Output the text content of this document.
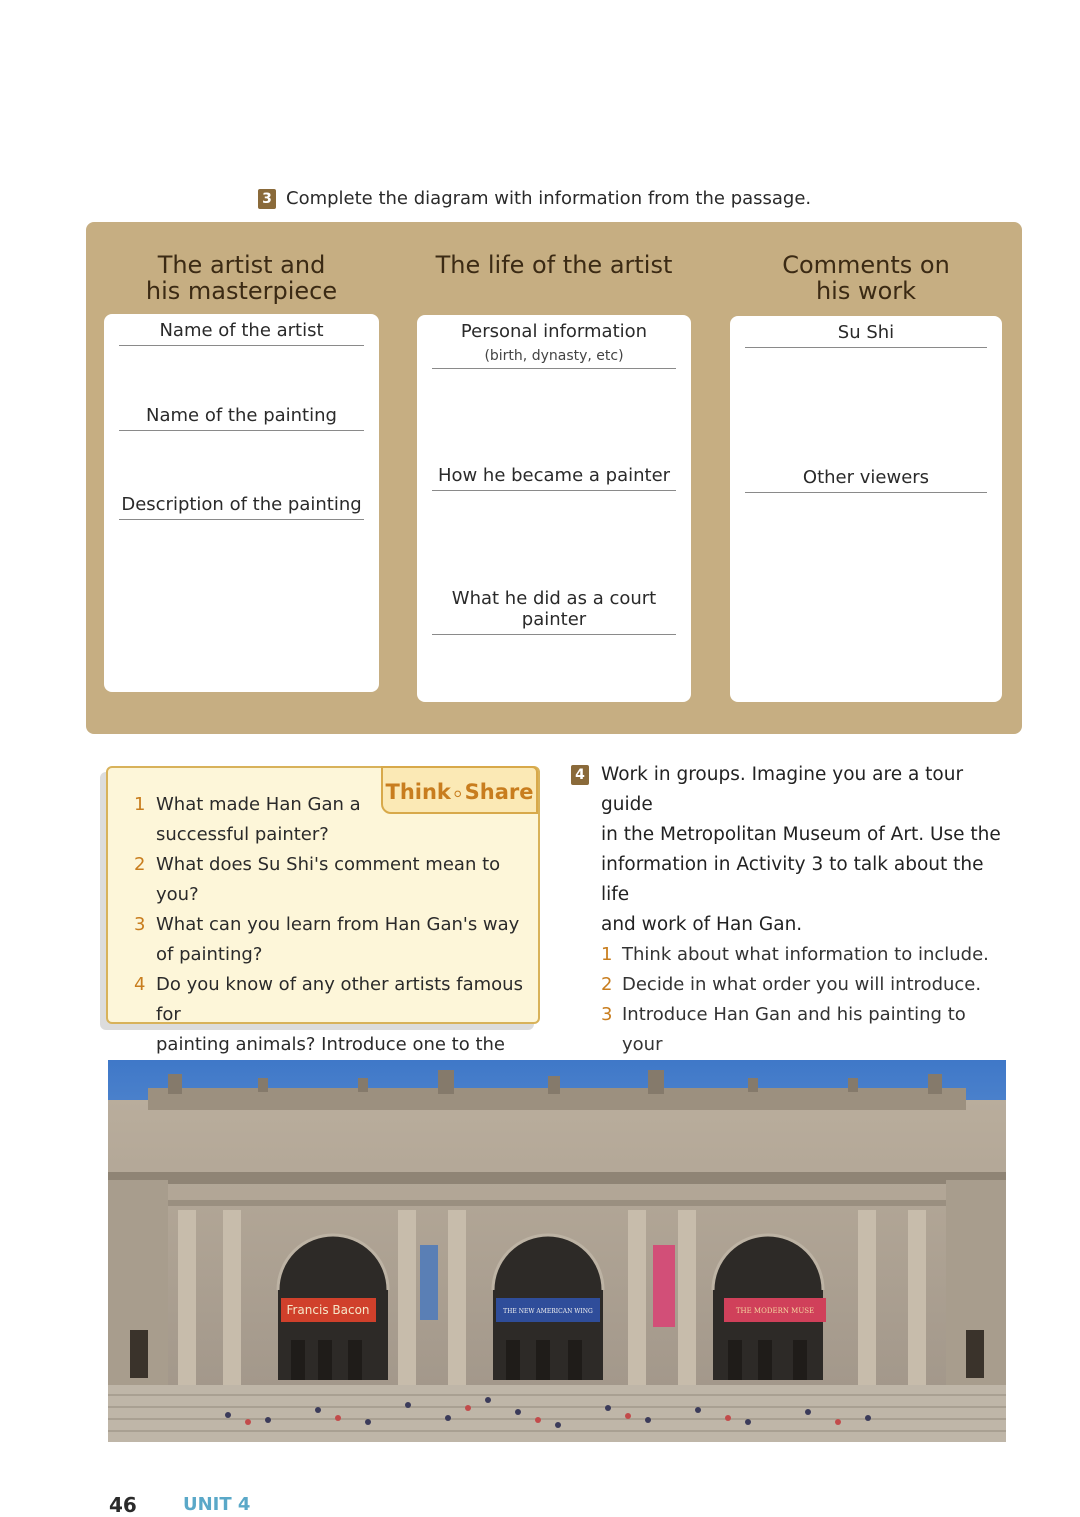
3 Complete the diagram with information from the passage.
The artist and
his masterpiece
Name of the artist
Name of the painting
Description of the painting
The life of the artist
Personal information
(birth, dynasty, etc)
How he became a painter
What he did as a court painter
Comments on
his work
Su Shi
Other viewers
1 What made Han Gan a
successful painter?
2 What does Su Shi's comment mean to you?
3 What can you learn from Han Gan's way
of painting?
4 Do you know of any other artists famous for
painting animals? Introduce one to the
Think⚪Share
4 Work in groups. Imagine you are a tour guide
in the Metropolitan Museum of Art. Use the
information in Activity 3 to talk about the life
and work of Han Gan.
1 Think about what information to include.
2 Decide in what order you will introduce.
3 Introduce Han Gan and his painting to your
Francis Bacon	THE NEW AMERICAN WING	THE MODERN MUSE
46	UNIT 4
